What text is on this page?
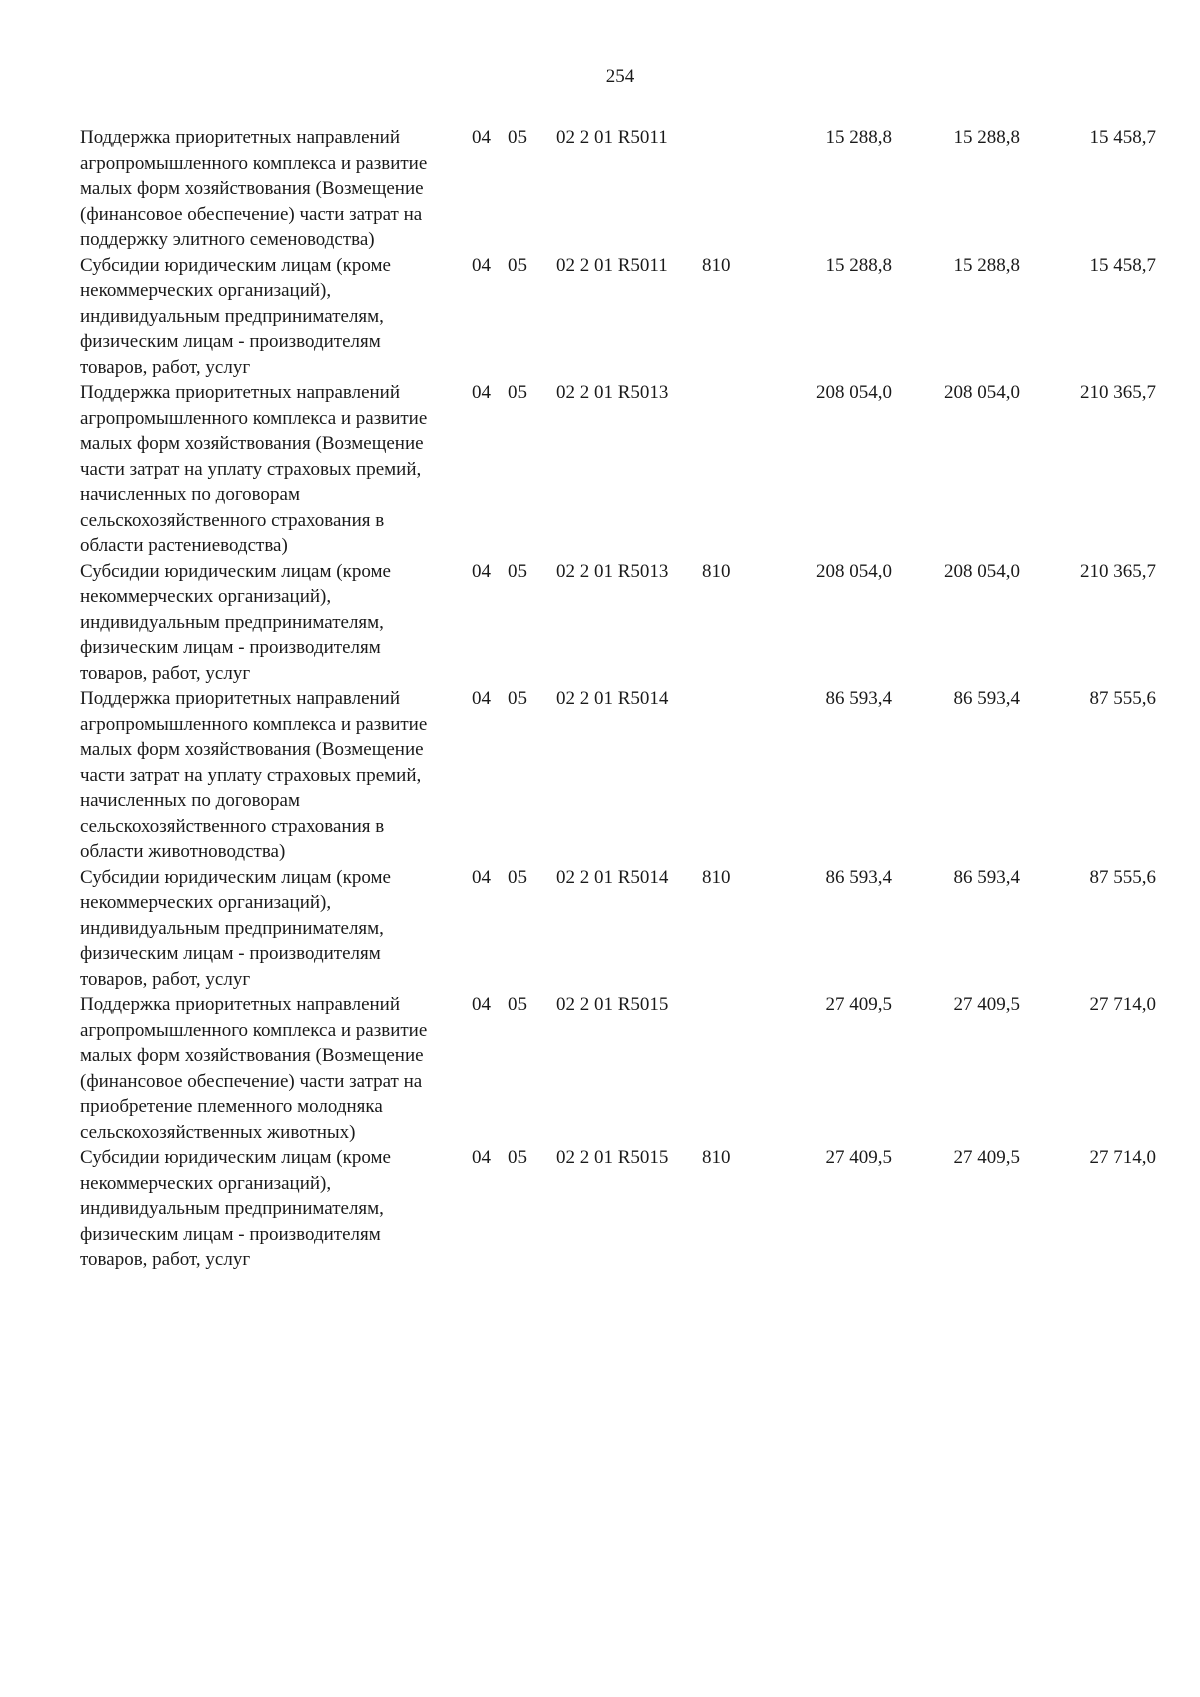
254
Поддержка приоритетных направлений агропромышленного комплекса и развитие малых форм хозяйствования (Возмещение (финансовое обеспечение) части затрат на поддержку элитного семеноводства)
04 05 02 2 01 R5011	15 288,8	15 288,8	15 458,7
Субсидии юридическим лицам (кроме некоммерческих организаций), индивидуальным предпринимателям, физическим лицам - производителям товаров, работ, услуг
04 05 02 2 01 R5011 810	15 288,8	15 288,8	15 458,7
Поддержка приоритетных направлений агропромышленного комплекса и развитие малых форм хозяйствования (Возмещение части затрат на уплату страховых премий, начисленных по договорам сельскохозяйственного страхования в области растениеводства)
04 05 02 2 01 R5013	208 054,0	208 054,0	210 365,7
Субсидии юридическим лицам (кроме некоммерческих организаций), индивидуальным предпринимателям, физическим лицам - производителям товаров, работ, услуг
04 05 02 2 01 R5013 810	208 054,0	208 054,0	210 365,7
Поддержка приоритетных направлений агропромышленного комплекса и развитие малых форм хозяйствования (Возмещение части затрат на уплату страховых премий, начисленных по договорам сельскохозяйственного страхования в области животноводства)
04 05 02 2 01 R5014	86 593,4	86 593,4	87 555,6
Субсидии юридическим лицам (кроме некоммерческих организаций), индивидуальным предпринимателям, физическим лицам - производителям товаров, работ, услуг
04 05 02 2 01 R5014 810	86 593,4	86 593,4	87 555,6
Поддержка приоритетных направлений агропромышленного комплекса и развитие малых форм хозяйствования (Возмещение (финансовое обеспечение) части затрат на приобретение племенного молодняка сельскохозяйственных животных)
04 05 02 2 01 R5015	27 409,5	27 409,5	27 714,0
Субсидии юридическим лицам (кроме некоммерческих организаций), индивидуальным предпринимателям, физическим лицам - производителям товаров, работ, услуг
04 05 02 2 01 R5015 810	27 409,5	27 409,5	27 714,0
